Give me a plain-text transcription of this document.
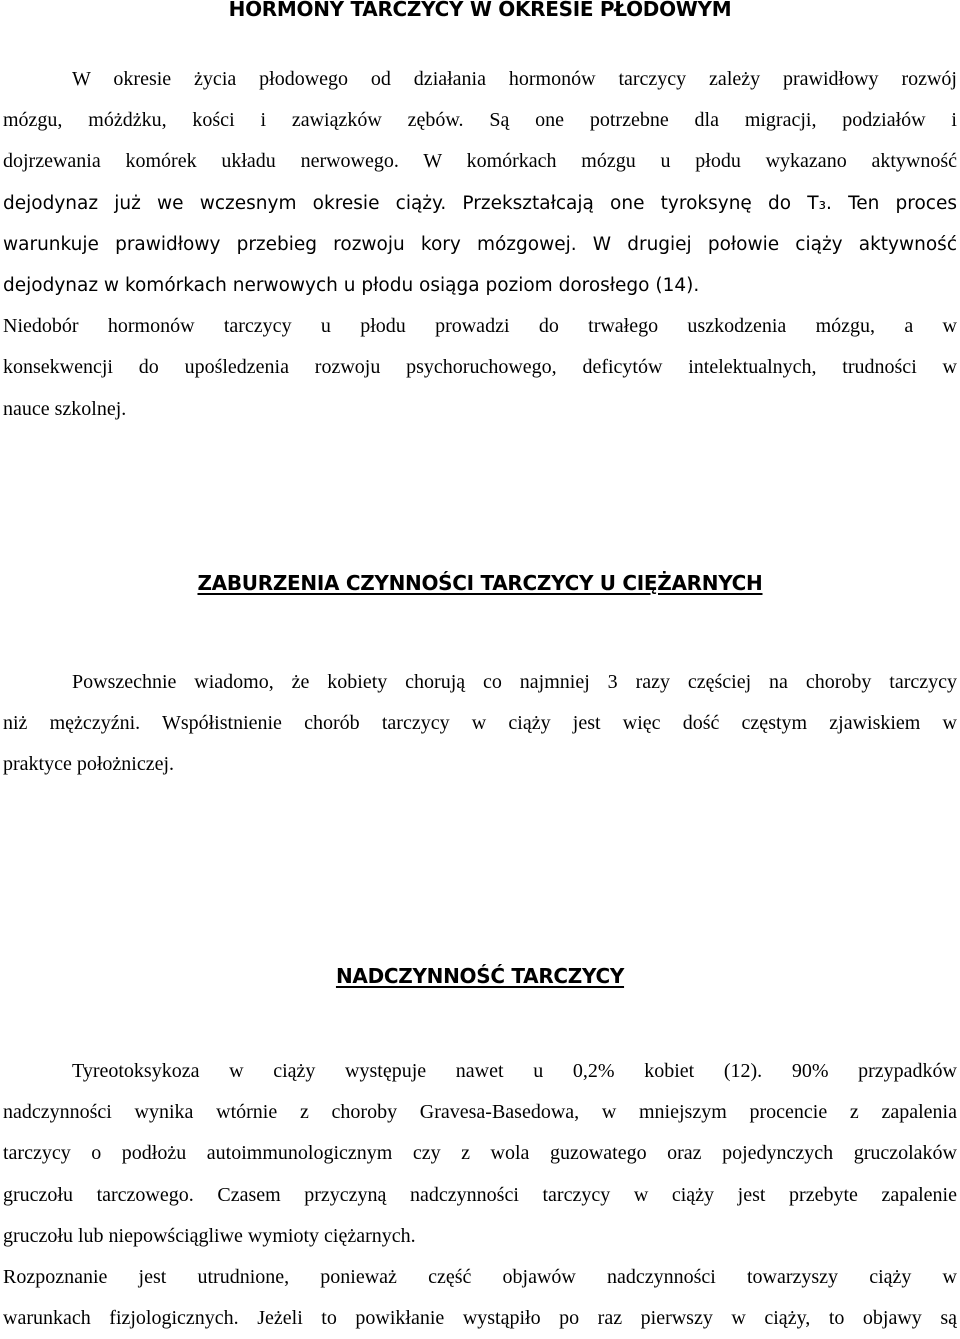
HORMONY TARCZYCY W OKRESIE PŁODOWYM
W okresie życia płodowego od działania hormonów tarczycy zależy prawidłowy rozwój
mózgu, móżdżku, kości i zawiązków zębów. Są one potrzebne dla migracji, podziałów i
dojrzewania komórek układu nerwowego. W komórkach mózgu u płodu wykazano aktywność
dejodynaz już we wczesnym okresie ciąży. Przekształcają one tyroksynę do T₃. Ten proces
warunkuje prawidłowy przebieg rozwoju kory mózgowej. W drugiej połowie ciąży aktywność
dejodynaz w komórkach nerwowych u płodu osiąga poziom dorosłego (14).
Niedobór hormonów tarczycy u płodu prowadzi do trwałego uszkodzenia mózgu, a w
konsekwencji do upośledzenia rozwoju psychoruchowego, deficytów intelektualnych, trudności w
nauce szkolnej.
ZABURZENIA CZYNNOŚCI TARCZYCY U CIĘŻARNYCH
Powszechnie wiadomo, że kobiety chorują co najmniej 3 razy częściej na choroby tarczycy
niż mężczyźni. Współistnienie chorób tarczycy w ciąży jest więc dość częstym zjawiskiem w
praktyce położniczej.
NADCZYNNOŚĆ TARCZYCY
Tyreotoksykoza w ciąży występuje nawet u 0,2% kobiet (12). 90% przypadków
nadczynności wynika wtórnie z choroby Gravesa-Basedowa, w mniejszym procencie z zapalenia
tarczycy o podłożu autoimmunologicznym czy z wola guzowatego oraz pojedynczych gruczolaków
gruczołu tarczowego. Czasem przyczyną nadczynności tarczycy w ciąży jest przebyte zapalenie
gruczołu lub niepowściągliwe wymioty ciężarnych.
Rozpoznanie jest utrudnione, ponieważ część objawów nadczynności towarzyszy ciąży w
warunkach fizjologicznych. Jeżeli to powikłanie wystąpiło po raz pierwszy w ciąży, to objawy są
